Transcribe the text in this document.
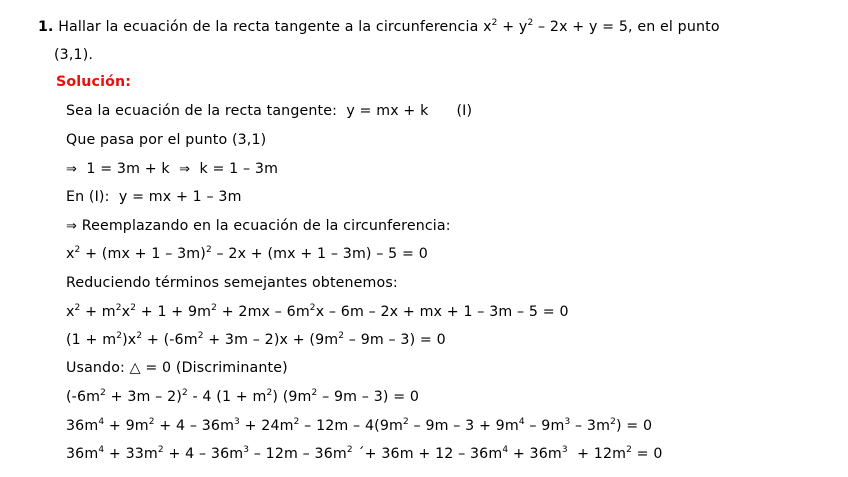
1. Hallar la ecuación de la recta tangente a la circunferencia $x^2 + y^2 - 2x + y = 5$, en el punto
(3,1).
Solución:
Sea la ecuación de la recta tangente:  y = mx + k      (I)
Que pasa por el punto (3,1)
⇒  1 = 3m + k  ⇒  k = 1 – 3m
En (I):  y = mx + 1 – 3m
⇒ Reemplazando en la ecuación de la circunferencia:
$x^2 + (mx + 1 - 3m)^2 - 2x + (mx + 1 - 3m) - 5 = 0$
Reduciendo términos semejantes obtenemos:
$x^2 + m^2x^2 + 1 + 9m^2 + 2mx - 6m^2x - 6m - 2x$ + mx + 1 – 3m – 5 = 0
$(1 + m^2)x^2 + (-6m^2 + 3m - 2)x + (9m^2 - 9m - 3) = 0$
Usando: △ = 0 (Discriminante)
$(-6m^2 + 3m - 2)^2 - 4$ $(1 + m^2)$ $(9m^2 - 9m - 3) = 0$
$36m^4 + 9m^2 + 4 - 36m^3 + 24m^2 - 12m - 4(9m^2 - 9m - 3 + 9m^4 - 9m^3 - 3m^2) = 0$
$36m^4 + 33m^2 + 4 - 36m^3 - 12m - 36m^2$ ´+ $36m + 12 - 36m^4 + 36m^3 + 12m^2 = 0$
